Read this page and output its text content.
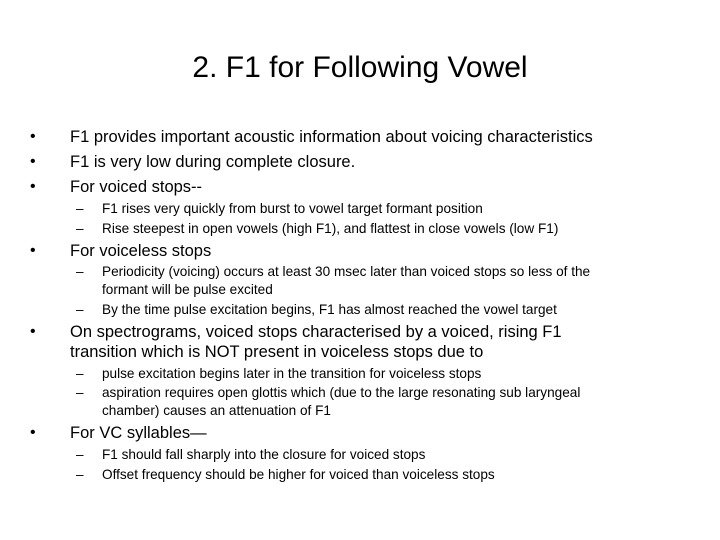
2. F1 for Following Vowel
• F1 provides important acoustic information about voicing characteristics
• F1 is very low during complete closure.
• For voiced stops--
– F1 rises very quickly from burst to vowel target formant position
– Rise steepest in open vowels (high F1), and flattest in close vowels (low F1)
• For voiceless stops
– Periodicity (voicing) occurs at least 30 msec later than voiced stops so less of the
formant will be pulse excited
– By the time pulse excitation begins, F1 has almost reached the vowel target
• On spectrograms, voiced stops characterised by a voiced, rising F1
transition which is NOT present in voiceless stops due to
– pulse excitation begins later in the transition for voiceless stops
– aspiration requires open glottis which (due to the large resonating sub laryngeal
chamber) causes an attenuation of F1
• For VC syllables—
– F1 should fall sharply into the closure for voiced stops
– Offset frequency should be higher for voiced than voiceless stops
